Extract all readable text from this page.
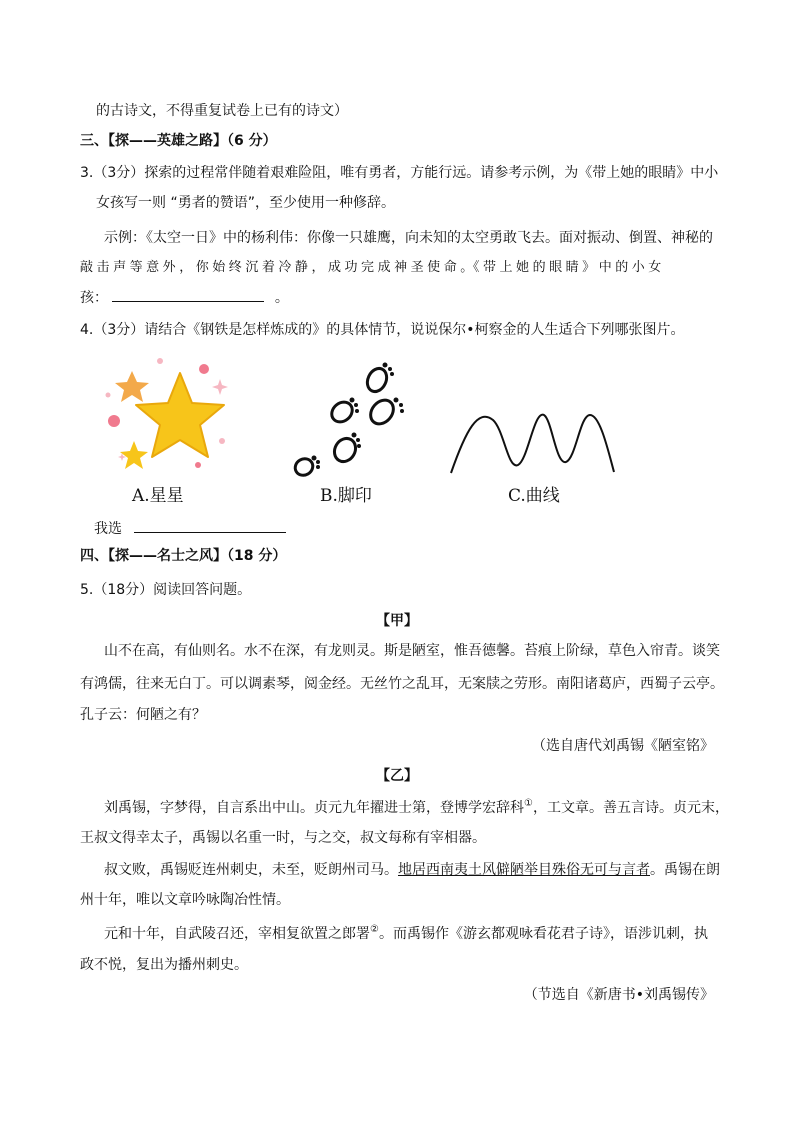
的古诗文，不得重复试卷上已有的诗文）
三、【探——英雄之路】（6 分）
3.（3分）探索的过程常伴随着艰难险阻，唯有勇者，方能行远。请参考示例，为《带上她的眼睛》中小
女孩写一则 “勇者的赞语”，至少使用一种修辞。
示例：《太空一日》中的杨利伟：你像一只雄鹰，向未知的太空勇敢飞去。面对振动、倒置、神秘的
敲 击 声 等 意 外 ， 你 始 终 沉 着 冷 静 ， 成 功 完 成 神 圣 使 命 。《 带 上 她 的 眼 睛 》 中 的 小 女
孩：	。
4.（3分）请结合《钢铁是怎样炼成的》的具体情节，说说保尔•柯察金的人生适合下列哪张图片。
A.星星	B.脚印	C.曲线
我选
四、【探——名士之风】（18 分）
5.（18分）阅读回答问题。
【甲】
山不在高，有仙则名。水不在深，有龙则灵。斯是陋室，惟吾德馨。苔痕上阶绿，草色入帘青。谈笑
有鸿儒，往来无白丁。可以调素琴，阅金经。无丝竹之乱耳，无案牍之劳形。南阳诸葛庐，西蜀子云亭。
孔子云：何陋之有？
（选自唐代刘禹锡《陋室铭》
【乙】
刘禹锡，字梦得，自言系出中山。贞元九年擢进士第，登博学宏辞科①，工文章。善五言诗。贞元末，
王叔文得幸太子，禹锡以名重一时，与之交，叔文每称有宰相器。
叔文败，禹锡贬连州刺史，未至，贬朗州司马。地居西南夷土风僻陋举目殊俗无可与言者。禹锡在朗
州十年，唯以文章吟咏陶冶性情。
元和十年，自武陵召还，宰相复欲置之郎署②。而禹锡作《游玄都观咏看花君子诗》，语涉讥刺，执
政不悦，复出为播州刺史。
（节选自《新唐书•刘禹锡传》
